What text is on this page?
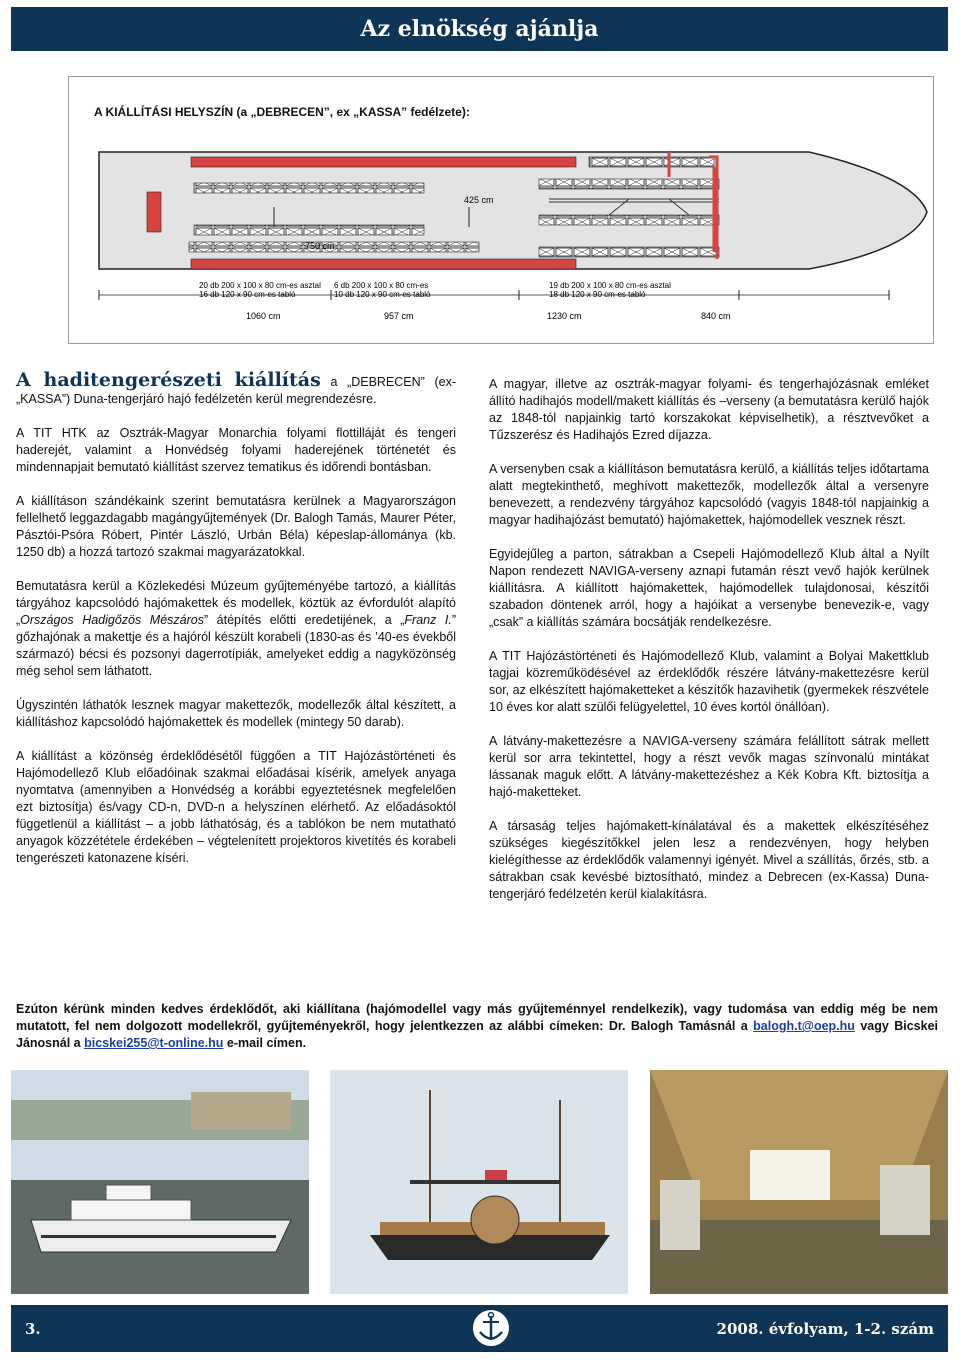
Az elnökség ajánlja
A KIÁLLÍTÁSI HELYSZÍN (a „DEBRECEN”, ex „KASSA” fedélzete):
425 cm
750 cm
20 db 200 x 100 x 80 cm-es asztal
16 db 120 x 90 cm-es tabló
6 db 200 x 100 x 80 cm-es
10 db 120 x 90 cm-es tabló
19 db 200 x 100 x 80 cm-es asztal
18 db 120 x 90 cm-es tabló
1060 cm	957 cm	1230 cm	840 cm

A haditengerészeti kiállítás a „DEBRECEN” (ex-„KASSA”) Duna-tengerjáró hajó fedélzetén kerül megrendezésre.

A TIT HTK az Osztrák-Magyar Monarchia folyami flottilláját és tengeri haderejét, valamint a Honvédség folyami haderejének történetét és mindennapjait bemutató kiállítást szervez tematikus és időrendi bontásban.

A kiállításon szándékaink szerint bemutatásra kerülnek a Magyarországon fellelhető leggazdagabb magángyűjtemények (Dr. Balogh Tamás, Maurer Péter, Pásztói-Psóra Róbert, Pintér László, Urbán Béla) képeslap-állománya (kb. 1250 db) a hozzá tartozó szakmai magyarázatokkal.

Bemutatásra kerül a Közlekedési Múzeum gyűjteményébe tartozó, a kiállítás tárgyához kapcsolódó hajómakettek és modellek, köztük az évfordulót alapító „Országos Hadigőzös Mészáros” átépítés előtti eredetijének, a „Franz I.” gőzhajónak a makettje és a hajóról készült korabeli (1830-as és ’40-es évekből származó) bécsi és pozsonyi dagerrotípiák, amelyeket eddig a nagyközönség még sehol sem láthatott.

Úgyszintén láthatók lesznek magyar makettezők, modellezők által készített, a kiállításhoz kapcsolódó hajómakettek és modellek (mintegy 50 darab).

A kiállítást a közönség érdeklődésétől függően a TIT Hajózástörténeti és Hajómodellező Klub előadóinak szakmai előadásai kísérik, amelyek anyaga nyomtatva (amennyiben a Honvédség a korábbi egyeztetésnek megfelelően ezt biztosítja) és/vagy CD-n, DVD-n a helyszínen elérhető. Az előadásoktól függetlenül a kiállítást – a jobb láthatóság, és a tablókon be nem mutatható anyagok közzététele érdekében – végtelenített projektoros kivetítés és korabeli tengerészeti katonazene kíséri.

A magyar, illetve az osztrák-magyar folyami- és tengerhajózásnak emléket állító hadihajós modell/makett kiállítás és –verseny (a bemutatásra kerülő hajók az 1848-tól napjainkig tartó korszakokat képviselhetik), a résztvevőket a Tűzszerész és Hadihajós Ezred díjazza.

A versenyben csak a kiállításon bemutatásra kerülő, a kiállítás teljes időtartama alatt megtekinthető, meghívott makettezők, modellezők által a versenyre benevezett, a rendezvény tárgyához kapcsolódó (vagyis 1848-tól napjainkig a magyar hadihajózást bemutató) hajómakettek, hajómodellek vesznek részt.

Egyidejűleg a parton, sátrakban a Csepeli Hajómodellező Klub által a Nyílt Napon rendezett NAVIGA-verseny aznapi futamán részt vevő hajók kerülnek kiállításra. A kiállított hajómakettek, hajómodellek tulajdonosai, készítői szabadon döntenek arról, hogy a hajóikat a versenybe benevezik-e, vagy „csak” a kiállítás számára bocsátják rendelkezésre.

A TIT Hajózástörténeti és Hajómodellező Klub, valamint a Bolyai Makettklub tagjai közreműködésével az érdeklődők részére látvány-makettezésre kerül sor, az elkészített hajómaketteket a készítők hazavihetik (gyermekek részvétele 10 éves kor alatt szülői felügyelettel, 10 éves kortól önállóan).

A látvány-makettezésre a NAVIGA-verseny számára felállított sátrak mellett kerül sor arra tekintettel, hogy a részt vevők magas színvonalú mintákat lássanak maguk előtt. A látvány-makettezéshez a Kék Kobra Kft. biztosítja a hajó-maketteket.

A társaság teljes hajómakett-kínálatával és a makettek elkészítéséhez szükséges kiegészítőkkel jelen lesz a rendezvényen, hogy helyben kielégíthesse az érdeklődők valamennyi igényét. Mivel a szállítás, őrzés, stb. a sátrakban csak kevésbé biztosítható, mindez a Debrecen (ex-Kassa) Duna-tengerjáró fedélzetén kerül kialakításra.

Ezúton kérünk minden kedves érdeklődőt, aki kiállítana (hajómodellel vagy más gyűjteménnyel rendelkezik), vagy tudomása van eddig még be nem mutatott, fel nem dolgozott modellekről, gyűjteményekről, hogy jelentkezzen az alábbi címeken: Dr. Balogh Tamásnál a balogh.t@oep.hu vagy Bicskei Jánosnál a bicskei255@t-online.hu e-mail címen.
3.	2008. évfolyam, 1-2. szám
